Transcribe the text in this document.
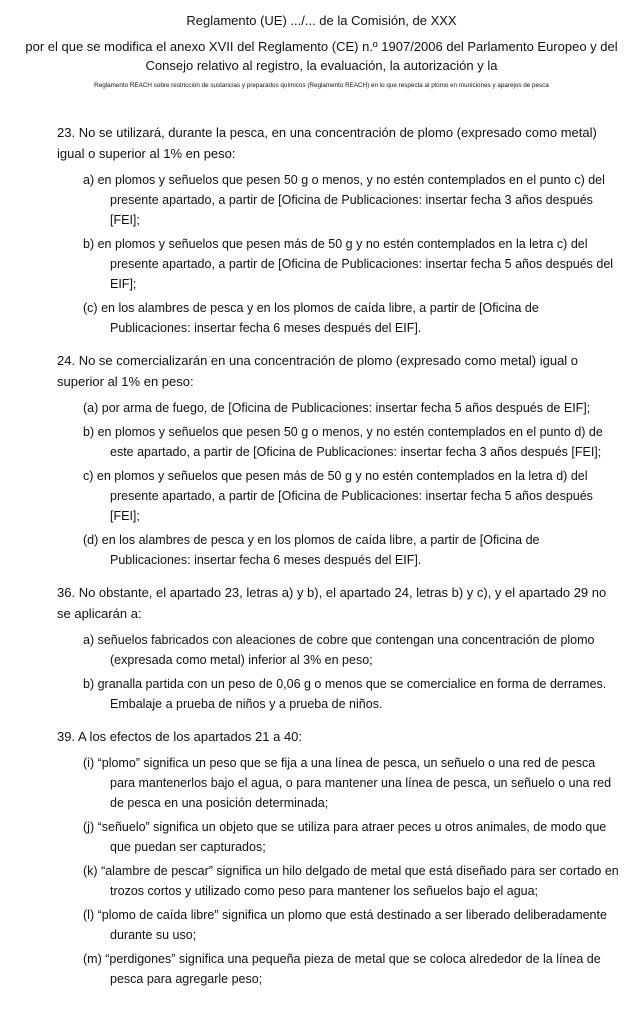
Reglamento (UE) .../... de la Comisión, de XXX
por el que se modifica el anexo XVII del Reglamento (CE) n.º 1907/2006 del Parlamento Europeo y del Consejo relativo al registro, la evaluación, la autorización y la
Reglamento REACH sobre restricción de sustancias y preparados químicos (Reglamento REACH) en lo que respecta al plomo en municiones y aparejos de pesca
23. No se utilizará, durante la pesca, en una concentración de plomo (expresado como metal) igual o superior al 1% en peso:
a) en plomos y señuelos que pesen 50 g o menos, y no estén contemplados en el punto c) del presente apartado, a partir de [Oficina de Publicaciones: insertar fecha 3 años después [FEI];
b) en plomos y señuelos que pesen más de 50 g y no estén contemplados en la letra c) del presente apartado, a partir de [Oficina de Publicaciones: insertar fecha 5 años después del EIF];
(c) en los alambres de pesca y en los plomos de caída libre, a partir de [Oficina de Publicaciones: insertar fecha 6 meses después del EIF].
24. No se comercializarán en una concentración de plomo (expresado como metal) igual o superior al 1% en peso:
(a) por arma de fuego, de [Oficina de Publicaciones: insertar fecha 5 años después de EIF];
b) en plomos y señuelos que pesen 50 g o menos, y no estén contemplados en el punto d) de este apartado, a partir de [Oficina de Publicaciones: insertar fecha 3 años después [FEI];
c) en plomos y señuelos que pesen más de 50 g y no estén contemplados en la letra d) del presente apartado, a partir de [Oficina de Publicaciones: insertar fecha 5 años después [FEI];
(d) en los alambres de pesca y en los plomos de caída libre, a partir de [Oficina de Publicaciones: insertar fecha 6 meses después del EIF].
36. No obstante, el apartado 23, letras a) y b), el apartado 24, letras b) y c), y el apartado 29 no se aplicarán a:
a) señuelos fabricados con aleaciones de cobre que contengan una concentración de plomo (expresada como metal) inferior al 3% en peso;
b) granalla partida con un peso de 0,06 g o menos que se comercialice en forma de derrames. Embalaje a prueba de niños y a prueba de niños.
39. A los efectos de los apartados 21 a 40:
(i) “plomo” significa un peso que se fija a una línea de pesca, un señuelo o una red de pesca para mantenerlos bajo el agua, o para mantener una línea de pesca, un señuelo o una red de pesca en una posición determinada;
(j) “señuelo” significa un objeto que se utiliza para atraer peces u otros animales, de modo que que puedan ser capturados;
(k) “alambre de pescar” significa un hilo delgado de metal que está diseñado para ser cortado en trozos cortos y utilizado como peso para mantener los señuelos bajo el agua;
(l) “plomo de caída libre” significa un plomo que está destinado a ser liberado deliberadamente durante su uso;
(m) “perdigones” significa una pequeña pieza de metal que se coloca alrededor de la línea de pesca para agregarle peso;
